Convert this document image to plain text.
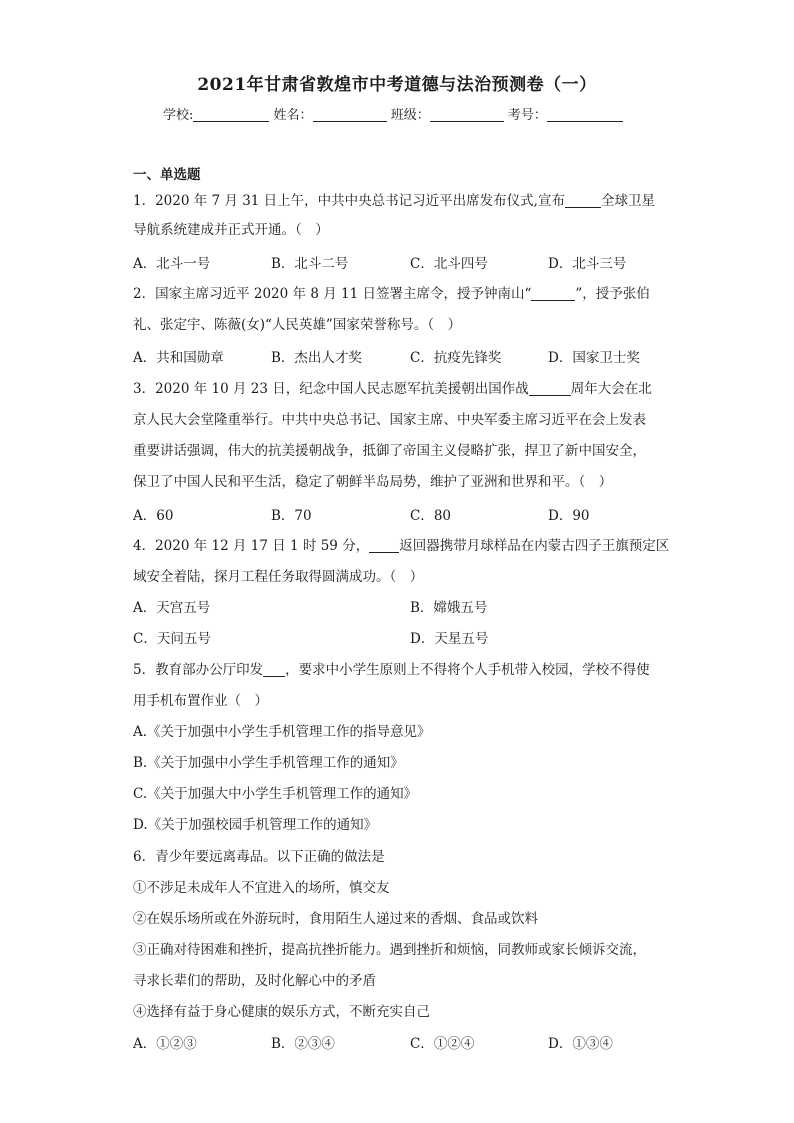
2021年甘肃省敦煌市中考道德与法治预测卷（一）
学校:	姓名：	班级：	考号：
一、单选题
1．2020 年 7 月 31 日上午，中共中央总书记习近平出席发布仪式,宣布	全球卫星
导航系统建成并正式开通。（　）
A．北斗一号	B．北斗二号	C．北斗四号	D．北斗三号
2．国家主席习近平 2020 年 8 月 11 日签署主席令，授予钟南山“	”，授予张伯
礼、张定宇、陈薇(女)“人民英雄”国家荣誉称号。（　）
A．共和国勋章	B．杰出人才奖	C．抗疫先锋奖	D．国家卫士奖
3．2020 年 10 月 23 日，纪念中国人民志愿军抗美援朝出国作战	周年大会在北
京人民大会堂隆重举行。中共中央总书记、国家主席、中央军委主席习近平在会上发表
重要讲话强调，伟大的抗美援朝战争，抵御了帝国主义侵略扩张，捍卫了新中国安全，
保卫了中国人民和平生活，稳定了朝鲜半岛局势，维护了亚洲和世界和平。（　）
A．60	B．70	C．80	D．90
4．2020 年 12 月 17 日 1 时 59 分， 返回器携带月球样品在内蒙古四子王旗预定区
域安全着陆，探月工程任务取得圆满成功。（　）
A．天宫五号	B．嫦娥五号
C．天问五号	D．天星五号
5．教育部办公厅印发 ，要求中小学生原则上不得将个人手机带入校园，学校不得使
用手机布置作业（　）
A.《关于加强中小学生手机管理工作的指导意见》
B.《关于加强中小学生手机管理工作的通知》
C.《关于加强大中小学生手机管理工作的通知》
D.《关于加强校园手机管理工作的通知》
6．青少年要远离毒品。以下正确的做法是
①不涉足未成年人不宜进入的场所，慎交友
②在娱乐场所或在外游玩时，食用陌生人递过来的香烟、食品或饮料
③正确对待困难和挫折，提高抗挫折能力。遇到挫折和烦恼，同教师或家长倾诉交流，
寻求长辈们的帮助，及时化解心中的矛盾
④选择有益于身心健康的娱乐方式，不断充实自己
A．①②③	B．②③④	C．①②④	D．①③④
